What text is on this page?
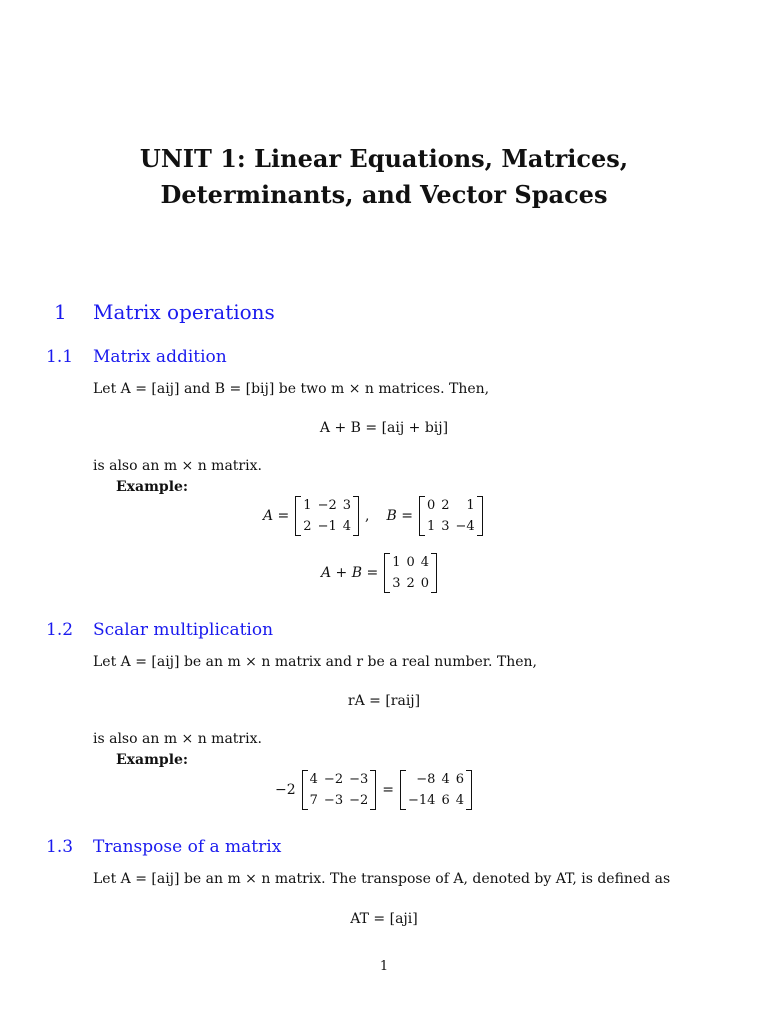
UNIT 1: Linear Equations, Matrices,
Determinants, and Vector Spaces
1 Matrix operations
1.1 Matrix addition
Let A = [aij] and B = [bij] be two m × n matrices. Then,
A + B = [aij + bij]
is also an m × n matrix.
Example:
A =
1 −2 3
2 −1 4
, B =
0 2	1
1 3 −4
A + B =
1 0 4
3 2 0
1.2 Scalar multiplication
Let A = [aij] be an m × n matrix and r be a real number. Then,
rA = [raij]
is also an m × n matrix.
Example:
−2
4 −2 −3
7 −3 −2
=
−8 4 6
−14 6 4
1.3 Transpose of a matrix
Let A = [aij] be an m × n matrix. The transpose of A, denoted by AT, is defined as
AT = [aji]
1
